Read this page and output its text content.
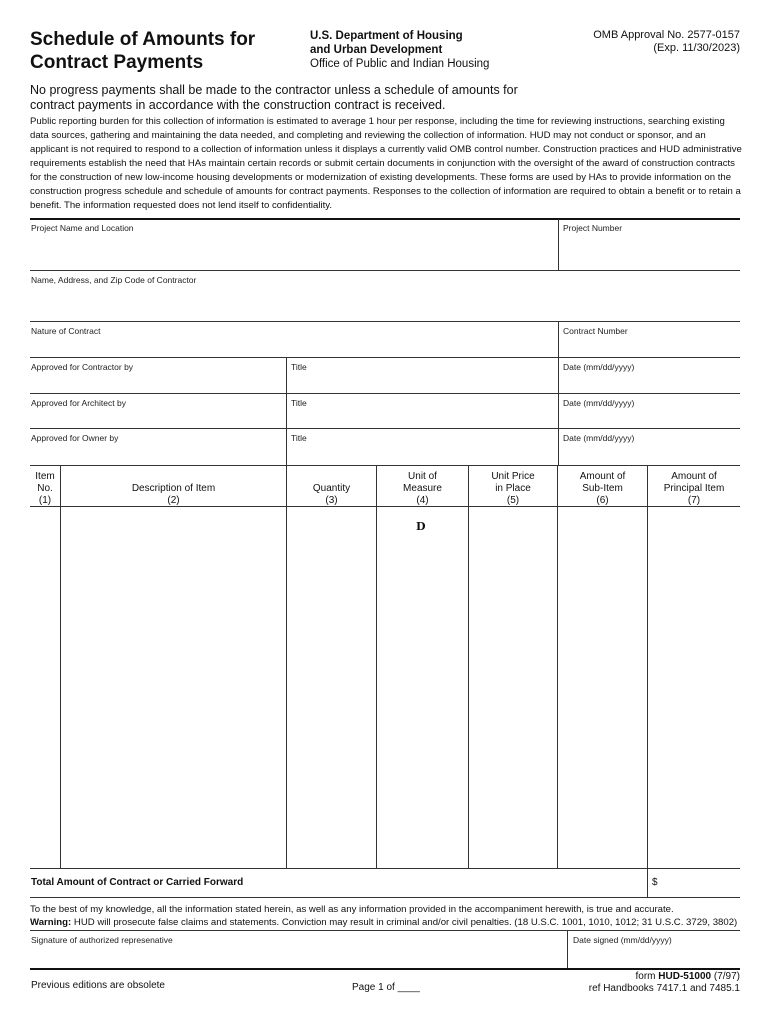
Schedule of Amounts for
Contract Payments
U.S. Department of Housing
and Urban Development
Office of Public and Indian Housing
OMB Approval No. 2577-0157
(Exp. 11/30/2023)
No progress payments shall be made to the contractor unless a schedule of amounts for contract payments in accordance with the construction contract is received.
Public reporting burden for this collection of information is estimated to average 1 hour per response, including the time for reviewing instructions, searching existing data sources, gathering and maintaining the data needed, and completing and reviewing the collection of information. HUD may not conduct or sponsor, and an applicant is not required to respond to a collection of information unless it displays a currently valid OMB control number. Construction practices and HUD administrative requirements establish the need that HAs maintain certain records or submit certain documents in conjunction with the oversight of the award of construction contracts for the construction of new low-income housing developments or modernization of existing developments. These forms are used by HAs to provide information on the construction progress schedule and schedule of amounts for contract payments. Responses to the collection of information are required to obtain a benefit or to retain a benefit. The information requested does not lend itself to confidentiality.
Project Name and Location	Project Number
Name, Address, and Zip Code of Contractor
Nature of Contract	Contract Number
Approved for Contractor by	Title	Date (mm/dd/yyyy)
Approved for Architect by	Title	Date (mm/dd/yyyy)
Approved for Owner by	Title	Date (mm/dd/yyyy)
Item
No.
(1)
Description of Item
(2)
Quantity
(3)
Unit of
Measure
(4)
Unit Price
in Place
(5)
Amount of
Sub-Item
(6)
Amount of
Principal Item
(7)
D
Total Amount of Contract or Carried Forward	$
To the best of my knowledge, all the information stated herein, as well as any information provided in the accompaniment herewith, is true and accurate.
Warning: HUD will prosecute false claims and statements. Conviction may result in criminal and/or civil penalties. (18 U.S.C. 1001, 1010, 1012; 31 U.S.C. 3729, 3802)
Signature of authorized represenative	Date signed (mm/dd/yyyy)
Previous editions are obsolete	Page 1 of ____
form HUD-51000 (7/97)
ref Handbooks 7417.1 and 7485.1
